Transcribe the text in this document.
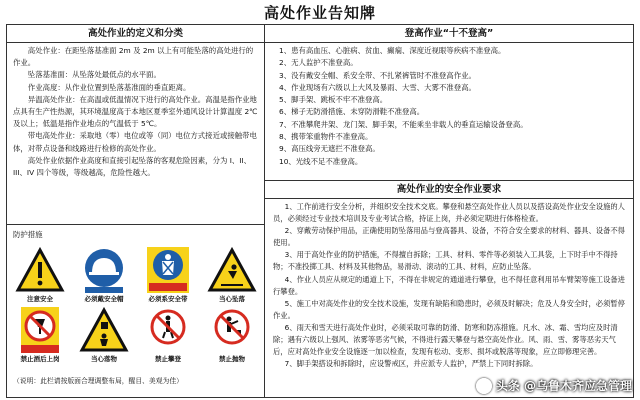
高处作业告知牌
高处作业的定义和分类
高处作业：在距坠落基准面 2m 及 2m 以上有可能坠落的高处进行的作业。
坠落基准面：从坠落处最低点的水平面。
作业高度：从作业位置到坠落基准面的垂直距离。
异温高处作业：在高温或低温情况下进行的高处作业。高温是指作业地点具有生产性热源，其环境温度高于本地区夏季室外通风设计计算温度 2℃ 及以上；低温是指作业地点的气温低于 5℃。
带电高处作业：采取地（零）电位或等（同）电位方式接近或接触带电体，对带点设备和线路进行检修的高处作业。
高处作业依据作业高度和直接引起坠落的客观危险因素，分为 I、II、III、IV 四个等级，等级越高，危险性越大。
防护措施
注意安全	必须戴安全帽	必须系安全带	当心坠落
禁止酒后上岗	当心落物	禁止攀登	禁止抛物
（说明：此栏请按版面合理调整布局，醒目、美观为佳）
登高作业“十不登高”
1、患有高血压、心脏病、贫血、癫痫、深度近视眼等疾病不准登高。
2、无人监护不准登高。
3、没有戴安全帽、系安全带、不扎紧裤管时不准登高作业。
4、作业现场有六级以上大风及暴雨、大雪、大雾不准登高。
5、脚手架、跳板不牢不准登高。
6、梯子无防滑措施、未穿防滑鞋不准登高。
7、不准攀爬井架、龙门架、脚手架，不能乘坐非载人的垂直运输设备登高。
8、携带笨重物件不准登高。
9、高压线旁无遮拦不准登高。
10、光线不足不准登高。
高处作业的安全作业要求
1、工作前进行安全分析，并组织安全技术交底。攀登和悬空高处作业人员以及搭设高处作业安全设施的人员，必须经过专业技术培训及专业考试合格，持证上岗，并必须定期进行体格检查。
2、穿戴劳动保护用品，正确使用防坠落用品与登高器具、设备，不符合安全要求的材料、器具、设备不得使用。
3、用于高处作业的防护措施，不得擅自拆除；工具、材料、零件等必须装入工具袋，上下时手中不得持物；不准投掷工具、材料及其他物品，易滑动、滚动的工具、材料，应防止坠落。
4、作业人员应从规定的通道上下，不得在非规定的通道进行攀登，也不得任意利用吊车臂架等施工设备进行攀登。
5、施工中对高处作业的安全技术设施，发现有缺陷和隐患时，必须及时解决；危及人身安全时，必须暂停作业。
6、雨天和雪天进行高处作业时，必须采取可靠的防滑、防寒和防冻措施。凡水、冰、霜、雪均应及时清除；遇有六级以上强风、浓雾等恶劣气候，不得进行露天攀登与悬空高处作业。风、雨、雪、雾等恶劣天气后，应对高处作业安全设施逐一加以检查，发现有松动、变形、损坏或脱落等现象，应立即修理完善。
7、脚手架搭设和拆除时，应设警戒区，并应派专人监护，严禁上下同时拆除。
头条 @乌鲁木齐应急管理
